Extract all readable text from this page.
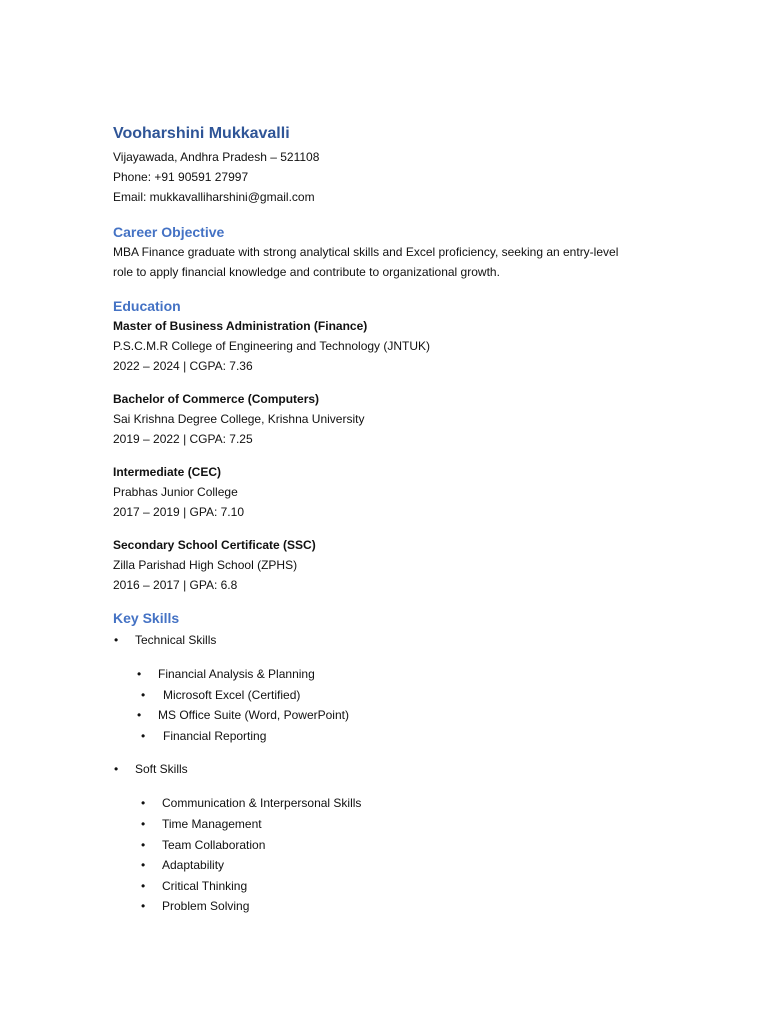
Vooharshini Mukkavalli
Vijayawada, Andhra Pradesh – 521108
Phone: +91 90591 27997
Email: mukkavalliharshini@gmail.com
Career Objective
MBA Finance graduate with strong analytical skills and Excel proficiency, seeking an entry-level
role to apply financial knowledge and contribute to organizational growth.
Education
Master of Business Administration (Finance)
P.S.C.M.R College of Engineering and Technology (JNTUK)
2022 – 2024 | CGPA: 7.36
Bachelor of Commerce (Computers)
Sai Krishna Degree College, Krishna University
2019 – 2022 | CGPA: 7.25
Intermediate (CEC)
Prabhas Junior College
2017 – 2019 | GPA: 7.10
Secondary School Certificate (SSC)
Zilla Parishad High School (ZPHS)
2016 – 2017 | GPA: 6.8
Key Skills
• Technical Skills
• Financial Analysis & Planning
• Microsoft Excel (Certified)
• MS Office Suite (Word, PowerPoint)
• Financial Reporting
• Soft Skills
• Communication & Interpersonal Skills
• Time Management
• Team Collaboration
• Adaptability
• Critical Thinking
• Problem Solving
